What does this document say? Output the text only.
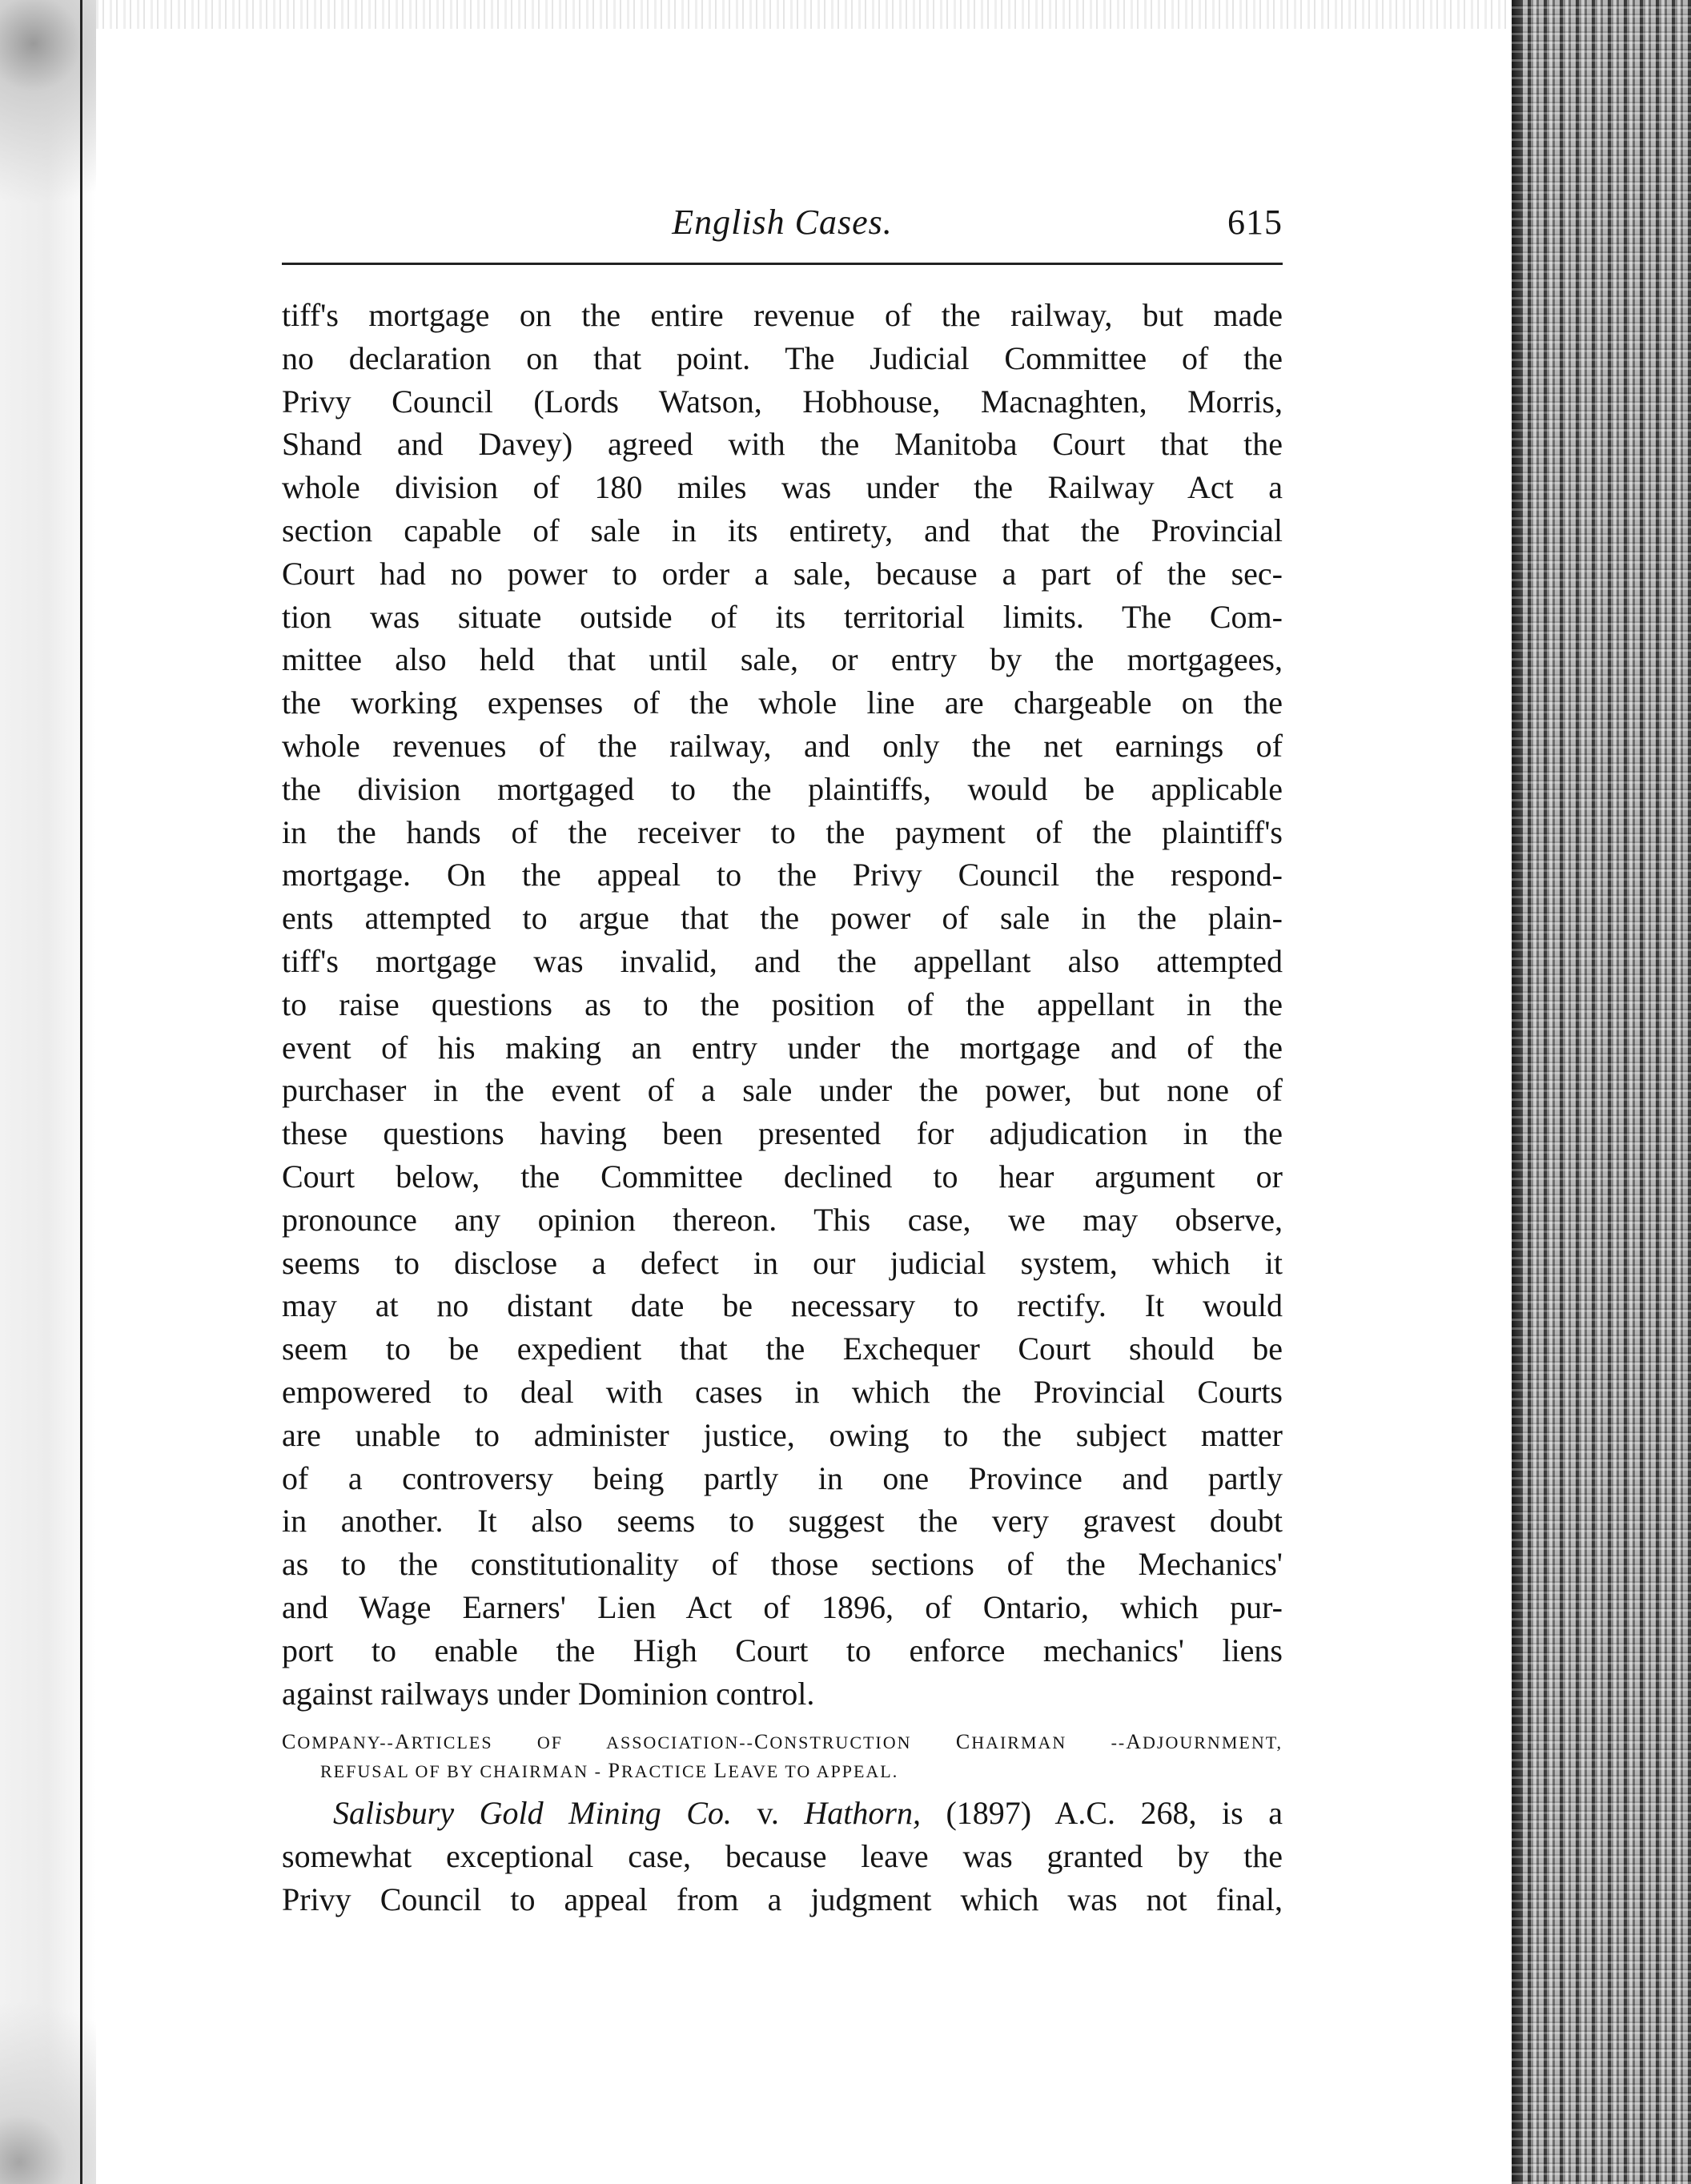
English Cases.	615
tiff's mortgage on the entire revenue of the railway, but made
no declaration on that point. The Judicial Committee of the
Privy Council (Lords Watson, Hobhouse, Macnaghten, Morris,
Shand and Davey) agreed with the Manitoba Court that the
whole division of 180 miles was under the Railway Act a
section capable of sale in its entirety, and that the Provincial
Court had no power to order a sale, because a part of the sec-
tion was situate outside of its territorial limits. The Com-
mittee also held that until sale, or entry by the mortgagees,
the working expenses of the whole line are chargeable on the
whole revenues of the railway, and only the net earnings of
the division mortgaged to the plaintiffs, would be applicable
in the hands of the receiver to the payment of the plaintiff's
mortgage. On the appeal to the Privy Council the respond-
ents attempted to argue that the power of sale in the plain-
tiff's mortgage was invalid, and the appellant also attempted
to raise questions as to the position of the appellant in the
event of his making an entry under the mortgage and of the
purchaser in the event of a sale under the power, but none of
these questions having been presented for adjudication in the
Court below, the Committee declined to hear argument or
pronounce any opinion thereon. This case, we may observe,
seems to disclose a defect in our judicial system, which it
may at no distant date be necessary to rectify. It would
seem to be expedient that the Exchequer Court should be
empowered to deal with cases in which the Provincial Courts
are unable to administer justice, owing to the subject matter
of a controversy being partly in one Province and partly
in another. It also seems to suggest the very gravest doubt
as to the constitutionality of those sections of the Mechanics'
and Wage Earners' Lien Act of 1896, of Ontario, which pur-
port to enable the High Court to enforce mechanics' liens
against railways under Dominion control.
COMPANY--ARTICLES OF ASSOCIATION--CONSTRUCTION CHAIRMAN --ADJOURNMENT,
REFUSAL OF BY CHAIRMAN - PRACTICE LEAVE TO APPEAL.
Salisbury Gold Mining Co. v. Hathorn, (1897) A.C. 268, is a
somewhat exceptional case, because leave was granted by the
Privy Council to appeal from a judgment which was not final,
